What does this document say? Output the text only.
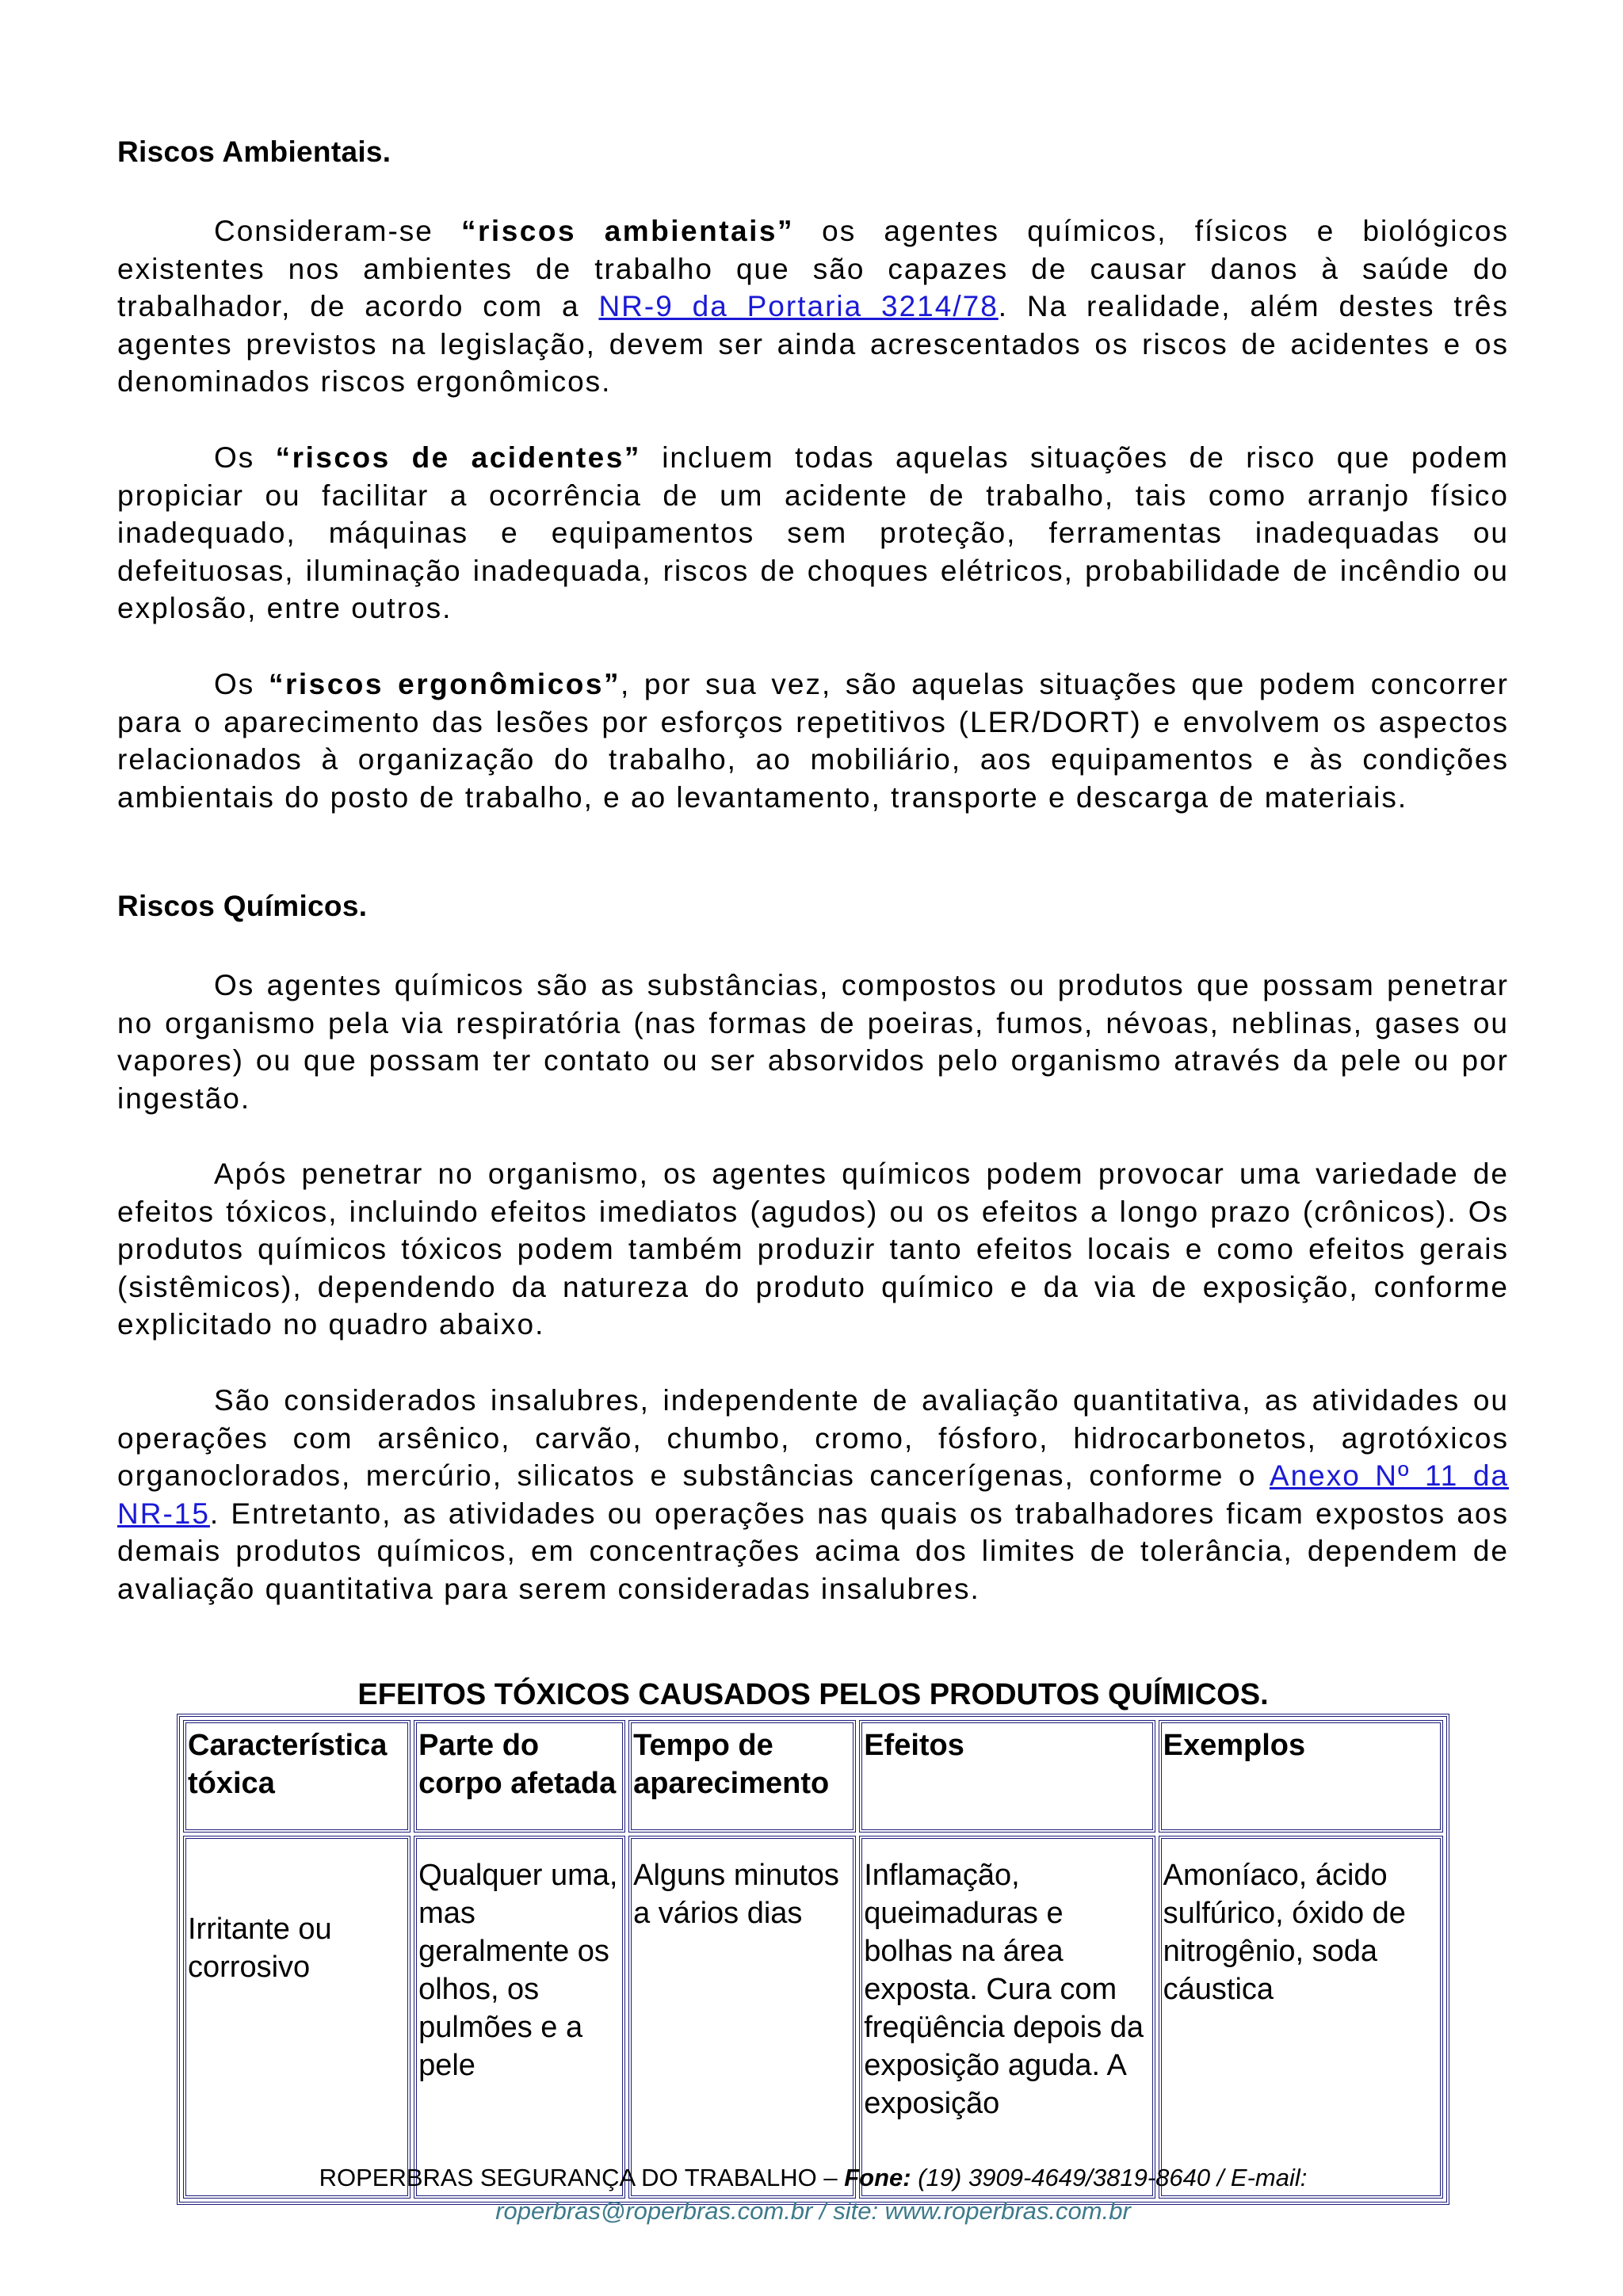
Riscos Ambientais.

Consideram-se “riscos ambientais” os agentes químicos, físicos e biológicos existentes nos ambientes de trabalho que são capazes de causar danos à saúde do trabalhador, de acordo com a NR-9 da Portaria 3214/78. Na realidade, além destes três agentes previstos na legislação, devem ser ainda acrescentados os riscos de acidentes e os denominados riscos ergonômicos.

Os “riscos de acidentes” incluem todas aquelas situações de risco que podem propiciar ou facilitar a ocorrência de um acidente de trabalho, tais como arranjo físico inadequado, máquinas e equipamentos sem proteção, ferramentas inadequadas ou defeituosas, iluminação inadequada, riscos de choques elétricos, probabilidade de incêndio ou explosão, entre outros.

Os “riscos ergonômicos”, por sua vez, são aquelas situações que podem concorrer para o aparecimento das lesões por esforços repetitivos (LER/DORT) e envolvem os aspectos relacionados à organização do trabalho, ao mobiliário, aos equipamentos e às condições ambientais do posto de trabalho, e ao levantamento, transporte e descarga de materiais.

Riscos Químicos.

Os agentes químicos são as substâncias, compostos ou produtos que possam penetrar no organismo pela via respiratória (nas formas de poeiras, fumos, névoas, neblinas, gases ou vapores) ou que possam ter contato ou ser absorvidos pelo organismo através da pele ou por ingestão.

Após penetrar no organismo, os agentes químicos podem provocar uma variedade de efeitos tóxicos, incluindo efeitos imediatos (agudos) ou os efeitos a longo prazo (crônicos). Os produtos químicos tóxicos podem também produzir tanto efeitos locais e como efeitos gerais (sistêmicos), dependendo da natureza do produto químico e da via de exposição, conforme explicitado no quadro abaixo.

São considerados insalubres, independente de avaliação quantitativa, as atividades ou operações com arsênico, carvão, chumbo, cromo, fósforo, hidrocarbonetos, agrotóxicos organoclorados, mercúrio, silicatos e substâncias cancerígenas, conforme o Anexo Nº 11 da NR-15. Entretanto, as atividades ou operações nas quais os trabalhadores ficam expostos aos demais produtos químicos, em concentrações acima dos limites de tolerância, dependem de avaliação quantitativa para serem consideradas insalubres.

EFEITOS TÓXICOS CAUSADOS PELOS PRODUTOS QUÍMICOS.
Característica tóxica	Parte do corpo afetada	Tempo de aparecimento	Efeitos	Exemplos
Irritante ou corrosivo	Qualquer uma, mas geralmente os olhos, os pulmões e a pele	Alguns minutos a vários dias	Inflamação, queimaduras e bolhas na área exposta. Cura com freqüência depois da exposição aguda. A exposição	Amoníaco, ácido sulfúrico, óxido de nitrogênio, soda cáustica

ROPERBRAS SEGURANÇA DO TRABALHO – Fone: (19) 3909-4649/3819-8640 / E-mail:

roperbras@roperbras.com.br / site: www.roperbras.com.br
